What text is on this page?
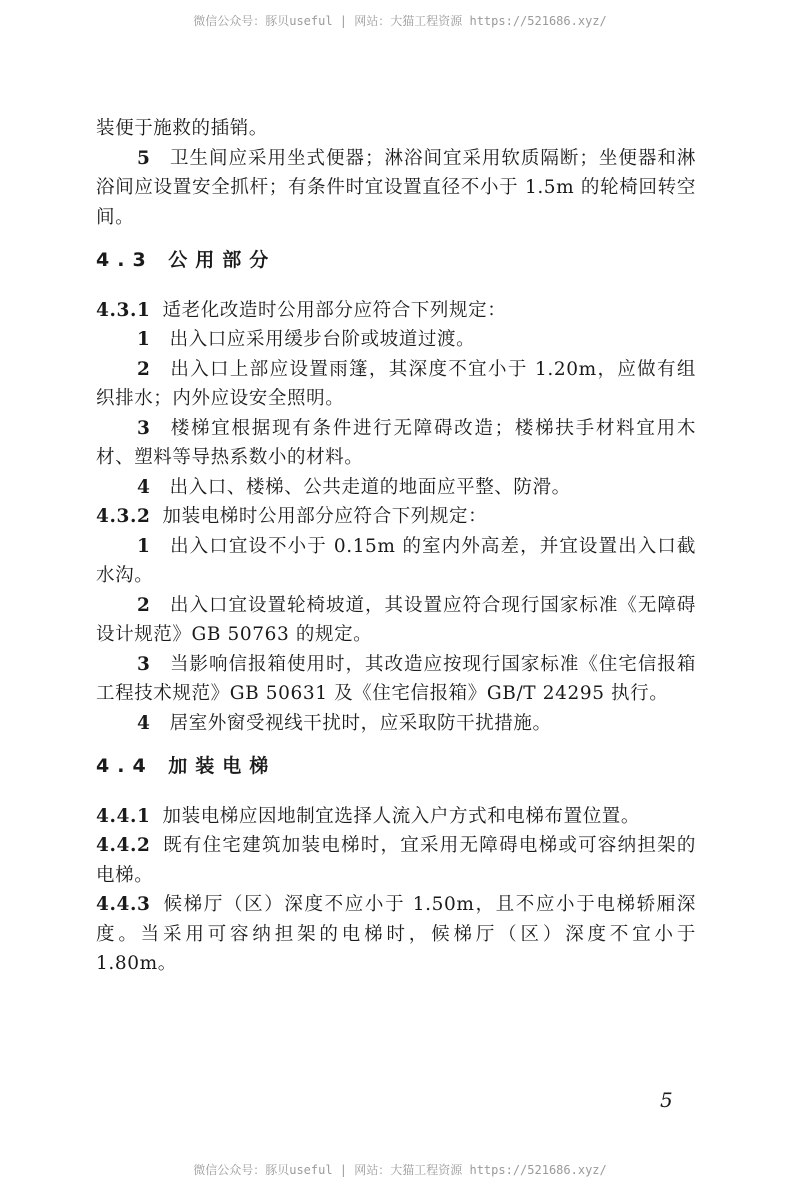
微信公众号：豚贝useful | 网站：大猫工程资源 https://521686.xyz/

装便于施救的插销。

5  卫生间应采用坐式便器；淋浴间宜采用软质隔断；坐便器和淋浴间应设置安全抓杆；有条件时宜设置直径不小于 1.5m 的轮椅回转空间。

4.3 公用部分

4.3.1 适老化改造时公用部分应符合下列规定：

1  出入口应采用缓步台阶或坡道过渡。

2  出入口上部应设置雨篷，其深度不宜小于 1.20m，应做有组织排水；内外应设安全照明。

3  楼梯宜根据现有条件进行无障碍改造；楼梯扶手材料宜用木材、塑料等导热系数小的材料。

4  出入口、楼梯、公共走道的地面应平整、防滑。

4.3.2 加装电梯时公用部分应符合下列规定：

1  出入口宜设不小于 0.15m 的室内外高差，并宜设置出入口截水沟。

2  出入口宜设置轮椅坡道，其设置应符合现行国家标准《无障碍设计规范》GB 50763 的规定。

3  当影响信报箱使用时，其改造应按现行国家标准《住宅信报箱工程技术规范》GB 50631 及《住宅信报箱》GB/T 24295 执行。

4  居室外窗受视线干扰时，应采取防干扰措施。

4.4 加装电梯

4.4.1 加装电梯应因地制宜选择人流入户方式和电梯布置位置。

4.4.2 既有住宅建筑加装电梯时，宜采用无障碍电梯或可容纳担架的电梯。

4.4.3 候梯厅（区）深度不应小于 1.50m，且不应小于电梯轿厢深度。当采用可容纳担架的电梯时，候梯厅（区）深度不宜小于 1.80m。

5
微信公众号：豚贝useful | 网站：大猫工程资源 https://521686.xyz/
